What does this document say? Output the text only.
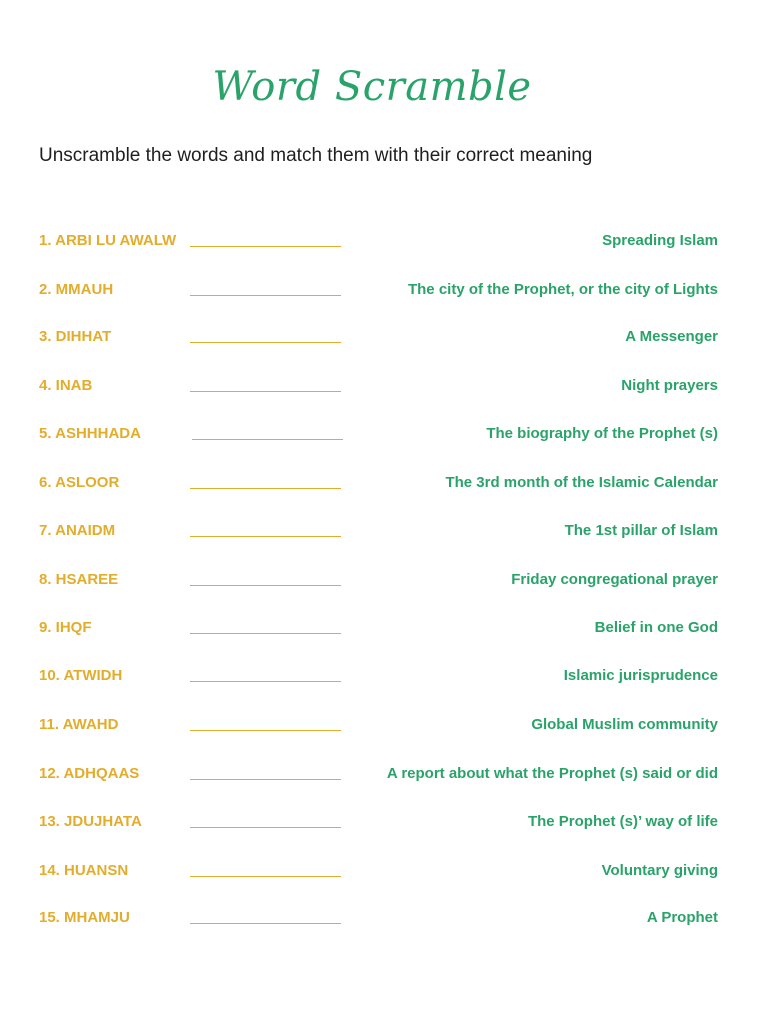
Word Scramble

Unscramble the words and match them with their correct meaning

1. ARBI LU AWALW	Spreading Islam
2. MMAUH	The city of the Prophet, or the city of Lights
3. DIHHAT	A Messenger
4. INAB	Night prayers
5. ASHHHADA	The biography of the Prophet (s)
6. ASLOOR	The 3rd month of the Islamic Calendar
7. ANAIDM	The 1st pillar of Islam
8. HSAREE	Friday congregational prayer
9. IHQF	Belief in one God
10. ATWIDH	Islamic jurisprudence
11. AWAHD	Global Muslim community
12. ADHQAAS	A report about what the Prophet (s) said or did
13. JDUJHATA	The Prophet (s)’ way of life
14. HUANSN	Voluntary giving
15. MHAMJU	A Prophet
